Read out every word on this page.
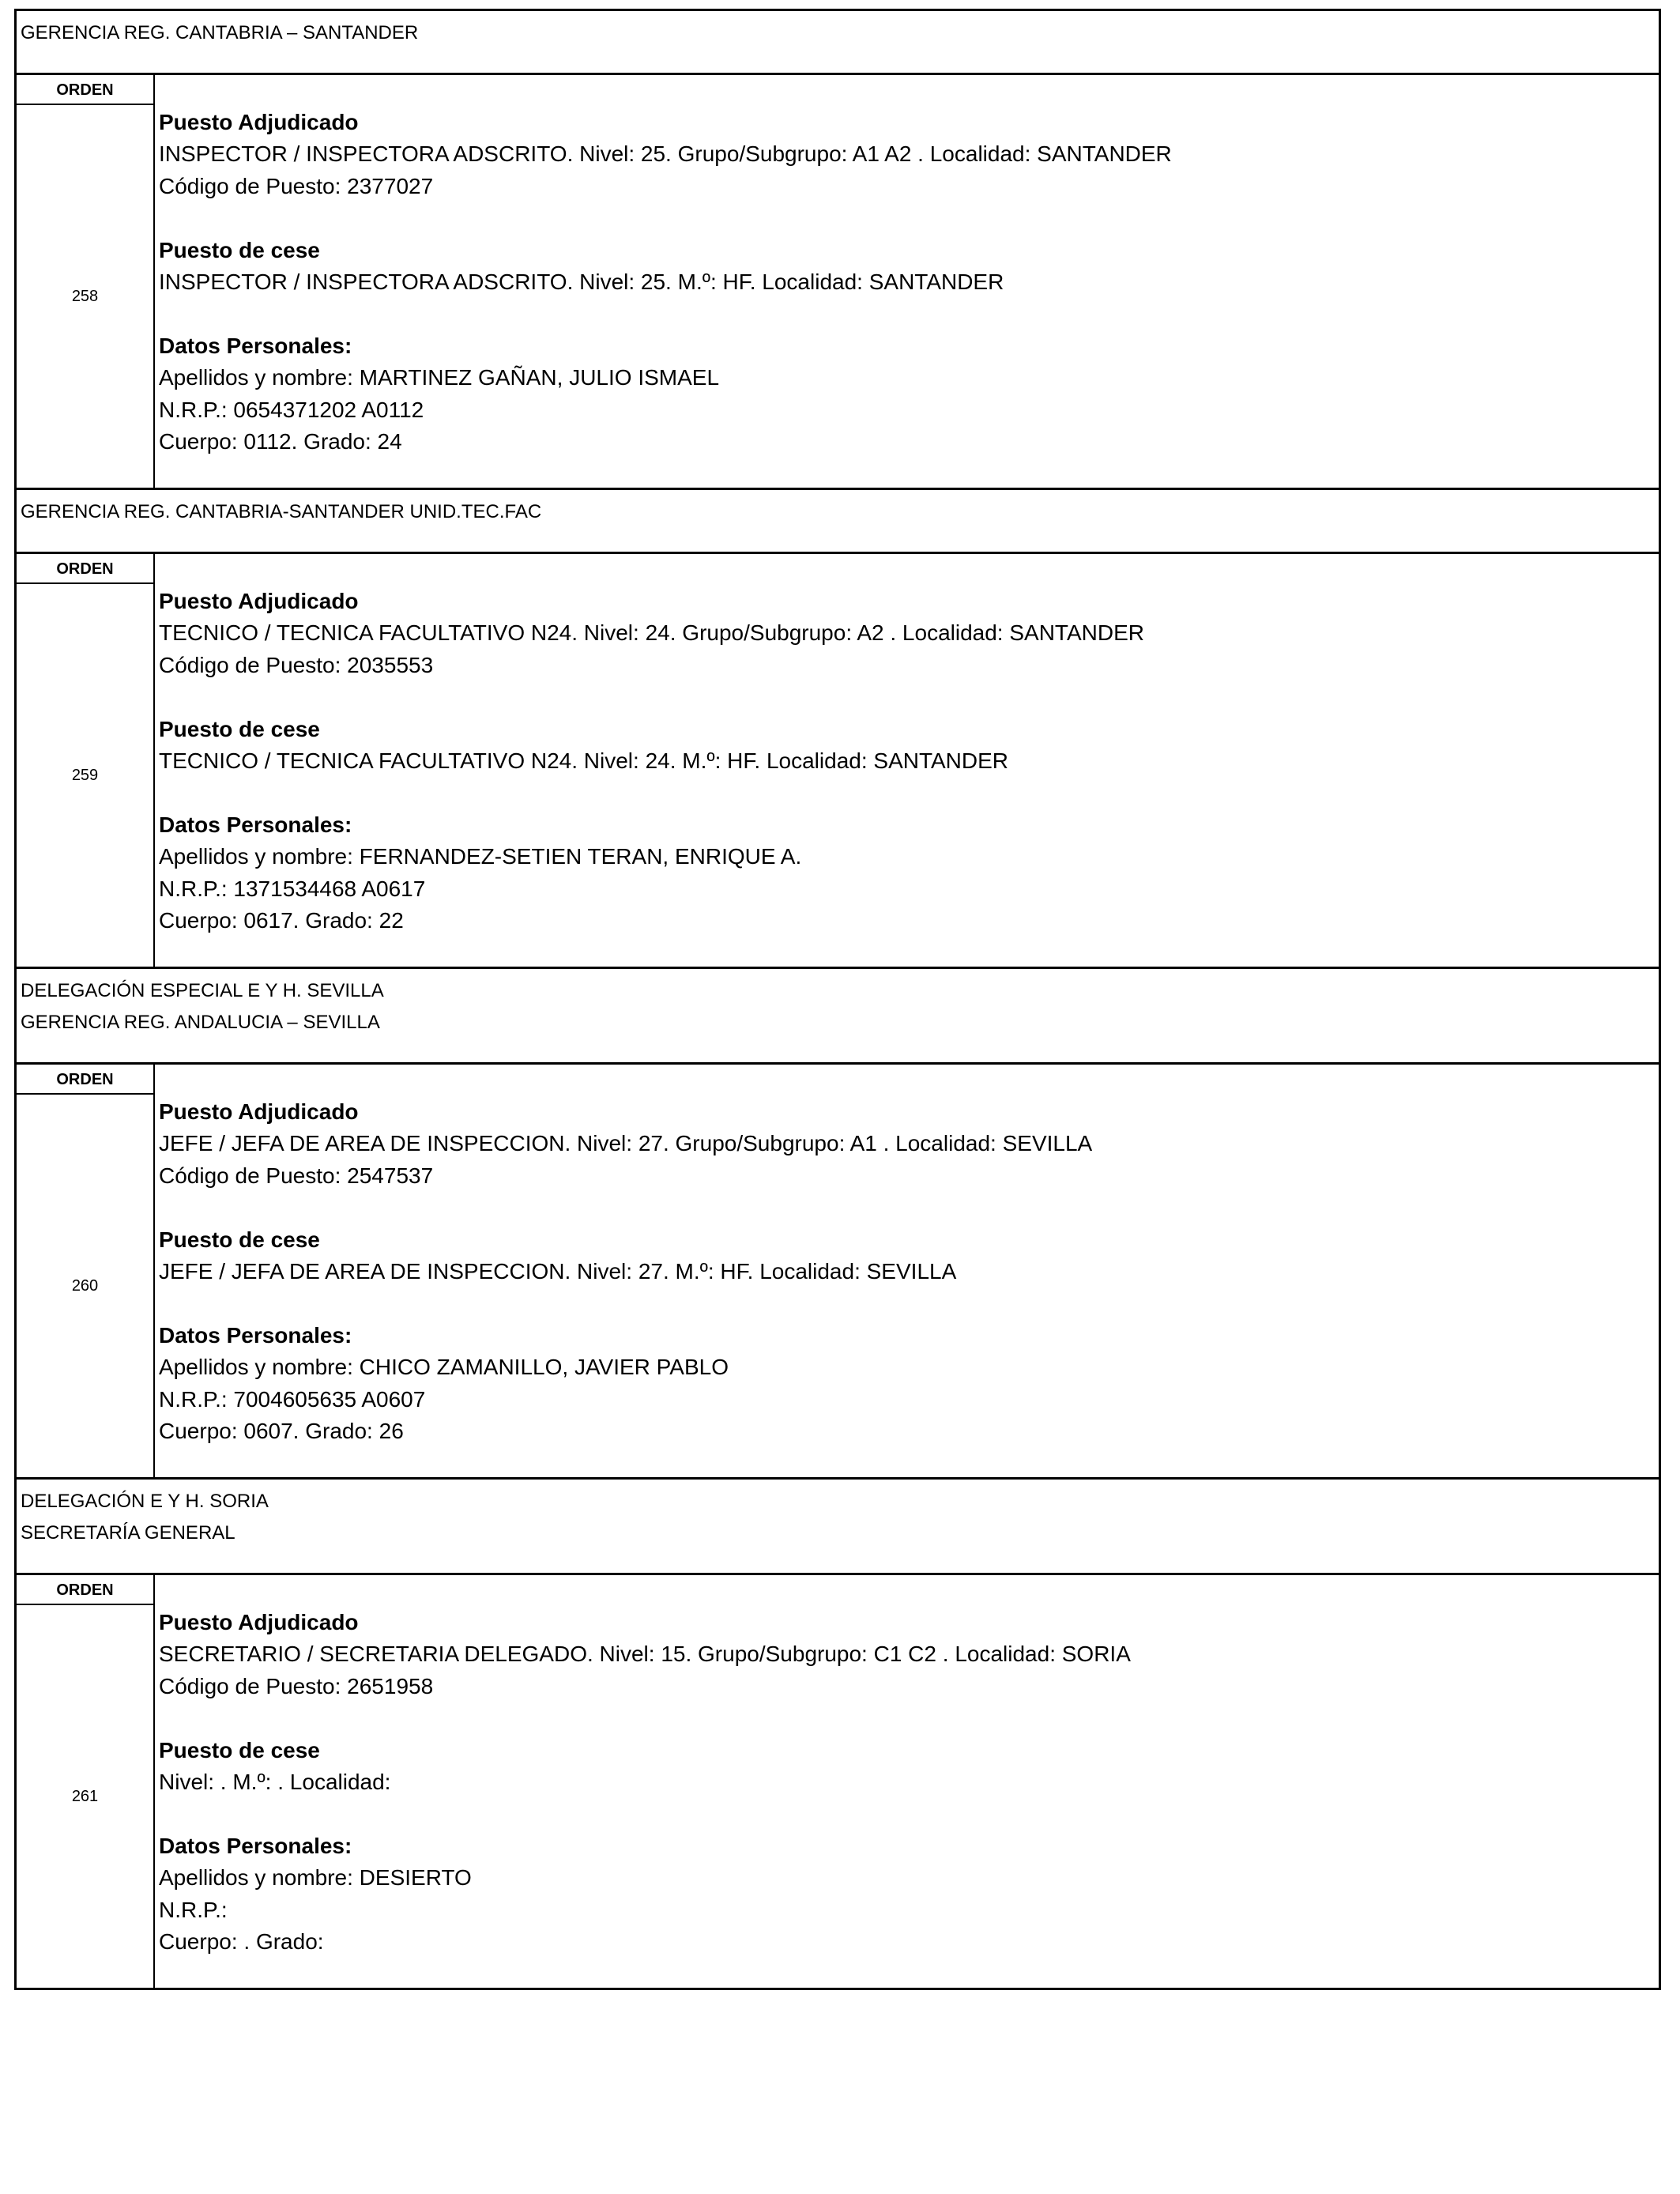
GERENCIA REG. CANTABRIA – SANTANDER
ORDEN
258
Puesto Adjudicado
INSPECTOR / INSPECTORA ADSCRITO. Nivel: 25. Grupo/Subgrupo: A1 A2 . Localidad: SANTANDER
Código de Puesto: 2377027
Puesto de cese
INSPECTOR / INSPECTORA ADSCRITO. Nivel: 25. M.º: HF. Localidad: SANTANDER
Datos Personales:
Apellidos y nombre: MARTINEZ GAÑAN, JULIO ISMAEL
N.R.P.: 0654371202 A0112
Cuerpo: 0112. Grado: 24
GERENCIA REG. CANTABRIA-SANTANDER UNID.TEC.FAC
ORDEN
259
Puesto Adjudicado
TECNICO / TECNICA FACULTATIVO N24. Nivel: 24. Grupo/Subgrupo: A2 . Localidad: SANTANDER
Código de Puesto: 2035553
Puesto de cese
TECNICO / TECNICA FACULTATIVO N24. Nivel: 24. M.º: HF. Localidad: SANTANDER
Datos Personales:
Apellidos y nombre: FERNANDEZ-SETIEN TERAN, ENRIQUE A.
N.R.P.: 1371534468 A0617
Cuerpo: 0617. Grado: 22
DELEGACIÓN ESPECIAL E Y H. SEVILLA
GERENCIA REG. ANDALUCIA – SEVILLA
ORDEN
260
Puesto Adjudicado
JEFE / JEFA DE AREA DE INSPECCION. Nivel: 27. Grupo/Subgrupo: A1 . Localidad: SEVILLA
Código de Puesto: 2547537
Puesto de cese
JEFE / JEFA DE AREA DE INSPECCION. Nivel: 27. M.º: HF. Localidad: SEVILLA
Datos Personales:
Apellidos y nombre: CHICO ZAMANILLO, JAVIER PABLO
N.R.P.: 7004605635 A0607
Cuerpo: 0607. Grado: 26
DELEGACIÓN E Y H. SORIA
SECRETARÍA GENERAL
ORDEN
261
Puesto Adjudicado
SECRETARIO / SECRETARIA DELEGADO. Nivel: 15. Grupo/Subgrupo: C1 C2 . Localidad: SORIA
Código de Puesto: 2651958
Puesto de cese
Nivel: . M.º: . Localidad:
Datos Personales:
Apellidos y nombre: DESIERTO
N.R.P.:
Cuerpo: . Grado:
